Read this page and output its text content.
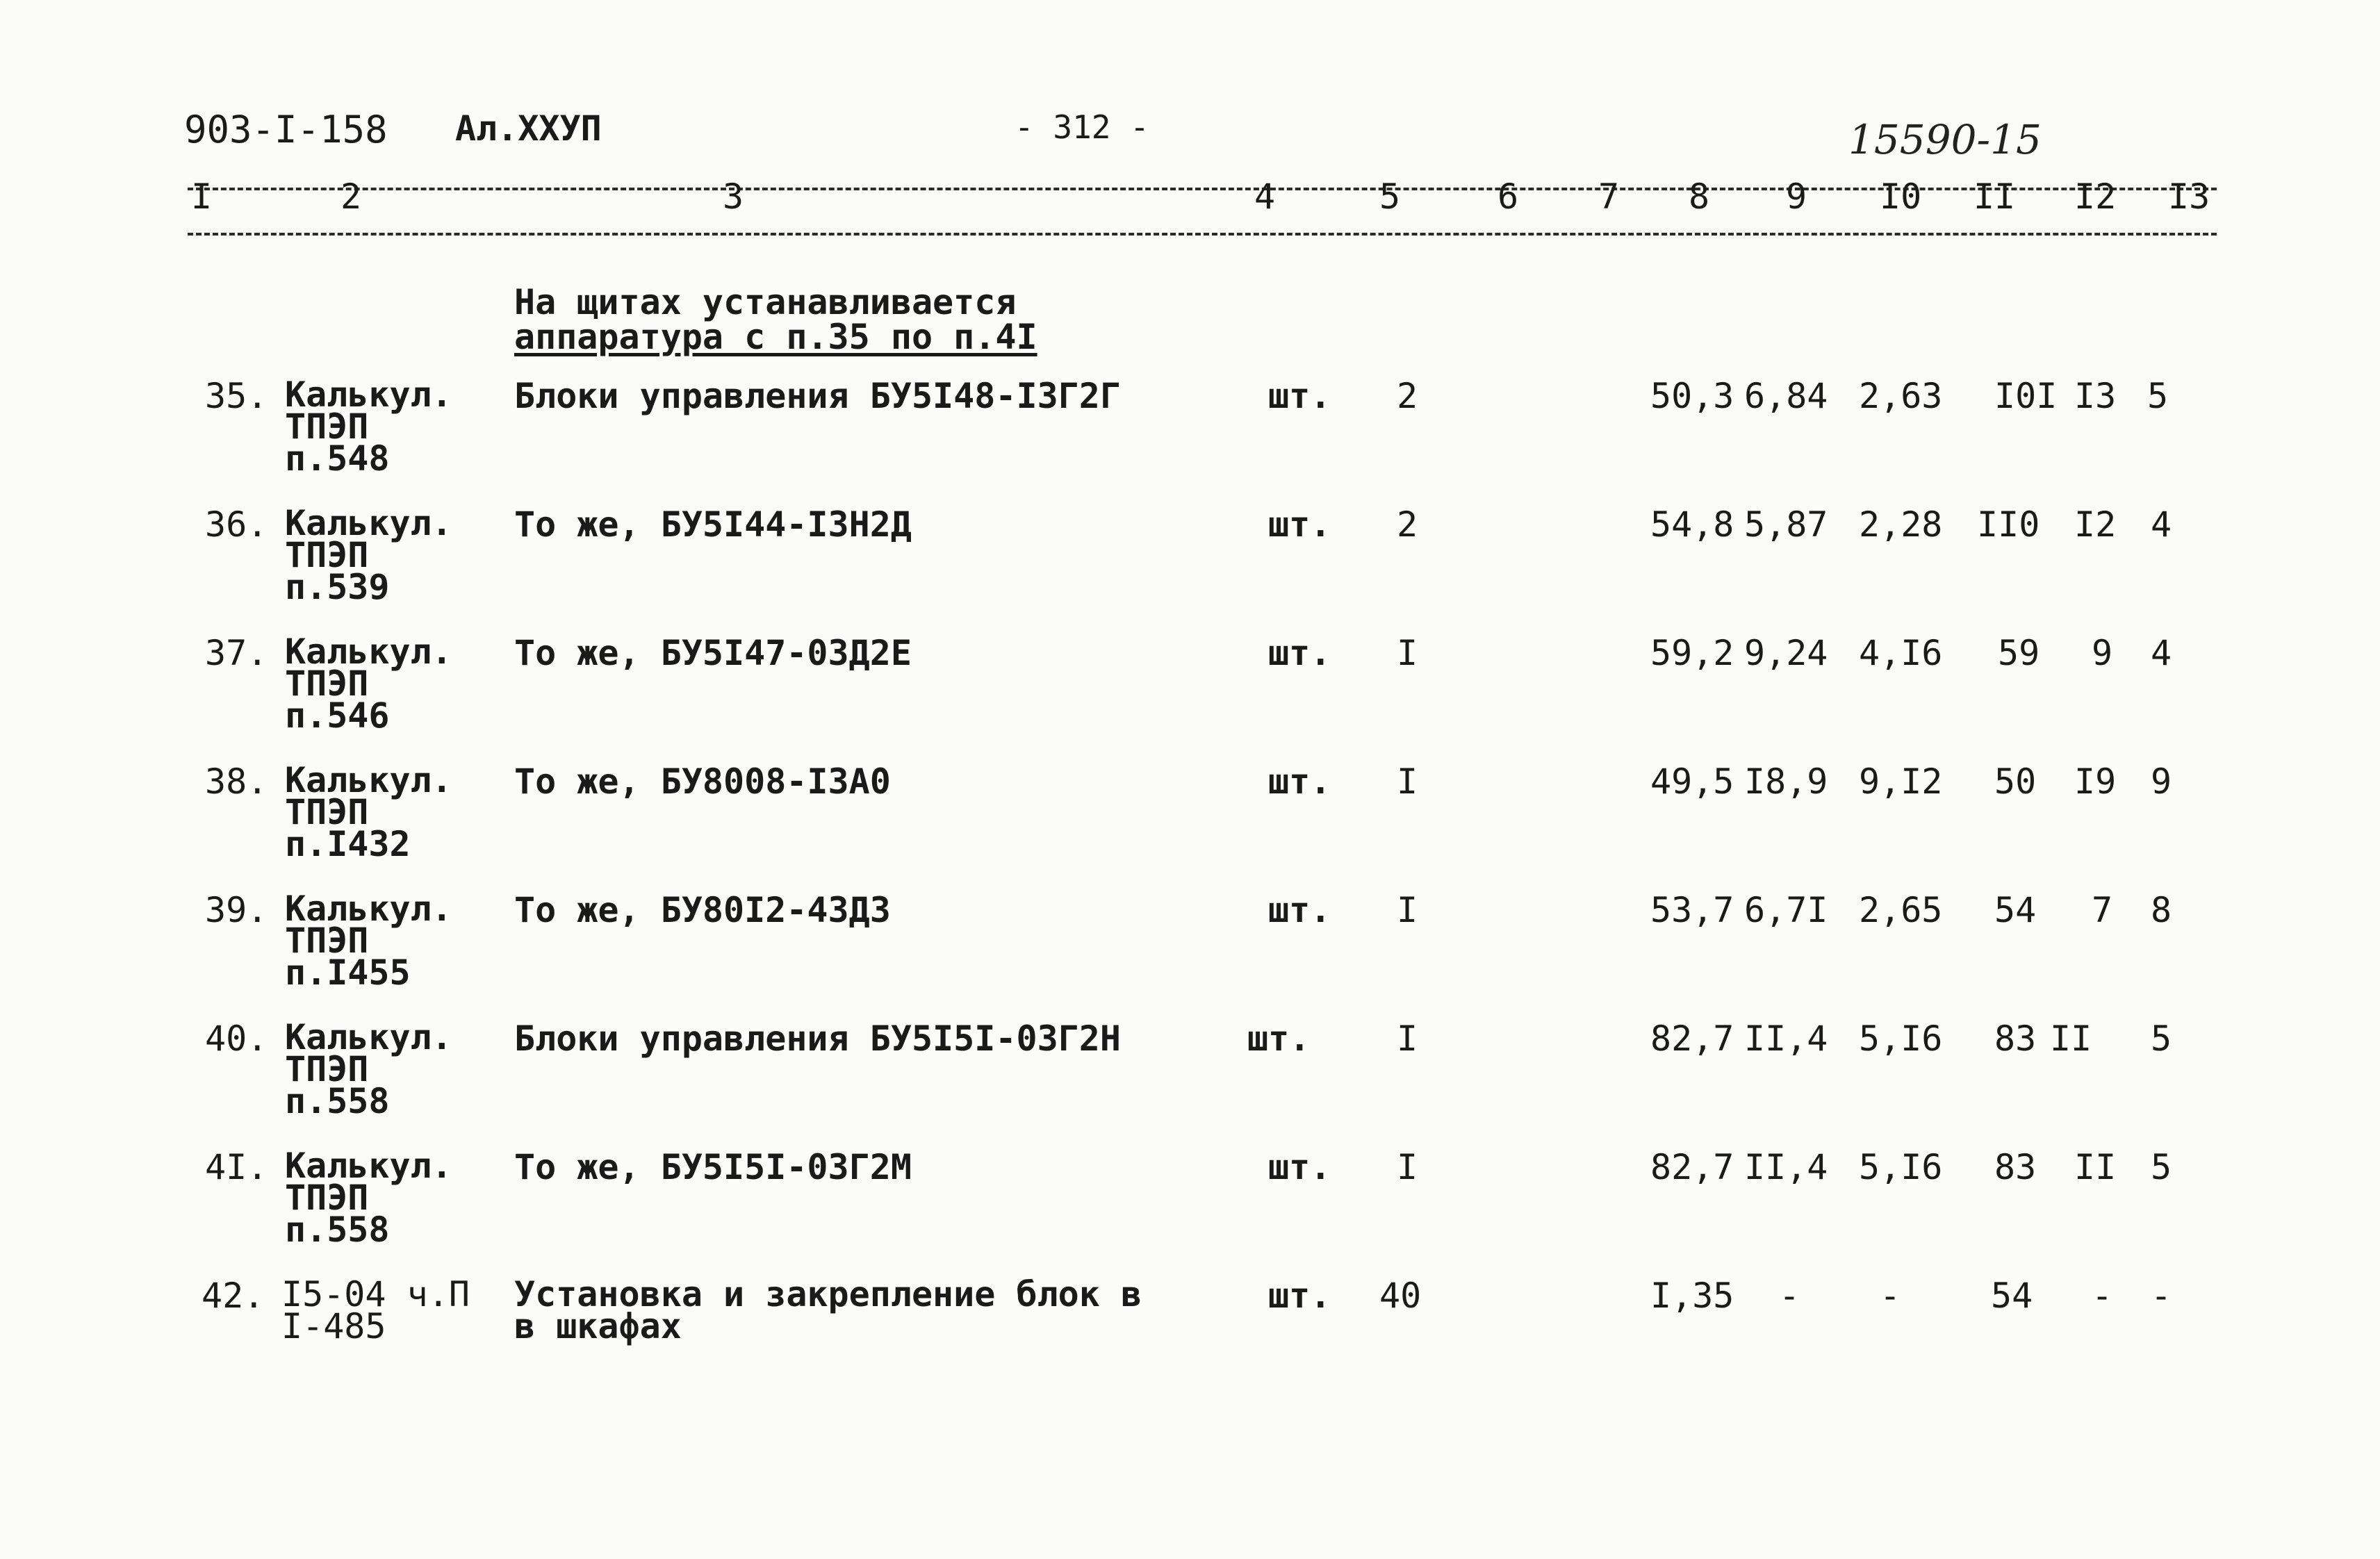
903-I-158 Ал.ХХУП	- 312 -	15590-15
I	2	3	4	5	6 7 8 9 I0 II I2 I3
На щитах устанавливается
аппаратура с п.35 по п.4I
35. Калькул.
ТПЭП
п.548
Блоки управления БУ5I48-I3Г2Г	шт. 2	50,3 6,84 2,63 I0I I3 5
36. Калькул.
ТПЭП
п.539
То же, БУ5I44-I3Н2Д	шт. 2	54,8 5,87 2,28 II0 I2 4
37. Калькул.
ТПЭП
п.546
То же, БУ5I47-03Д2Е	шт. I	59,2 9,24 4,I6 59 9 4
38. Калькул.
ТПЭП
п.I432
То же, БУ8008-I3А0	шт. I	49,5 I8,9 9,I2 50 I9 9
39. Калькул.
ТПЭП
п.I455
То же, БУ80I2-43Д3	шт. I	53,7 6,7I 2,65 54 7 8
40. Калькул.
ТПЭП
п.558
Блоки управления БУ5I5I-03Г2Н	шт. I	82,7 II,4 5,I6 83 II 5
4I. Калькул.
ТПЭП
п.558
То же, БУ5I5I-03Г2М	шт. I	82,7 II,4 5,I6 83 II 5
42. I5-04 ч.П
I-485
Установка и закрепление блок в
в шкафах
шт. 40	I,35 - -	54 - -
